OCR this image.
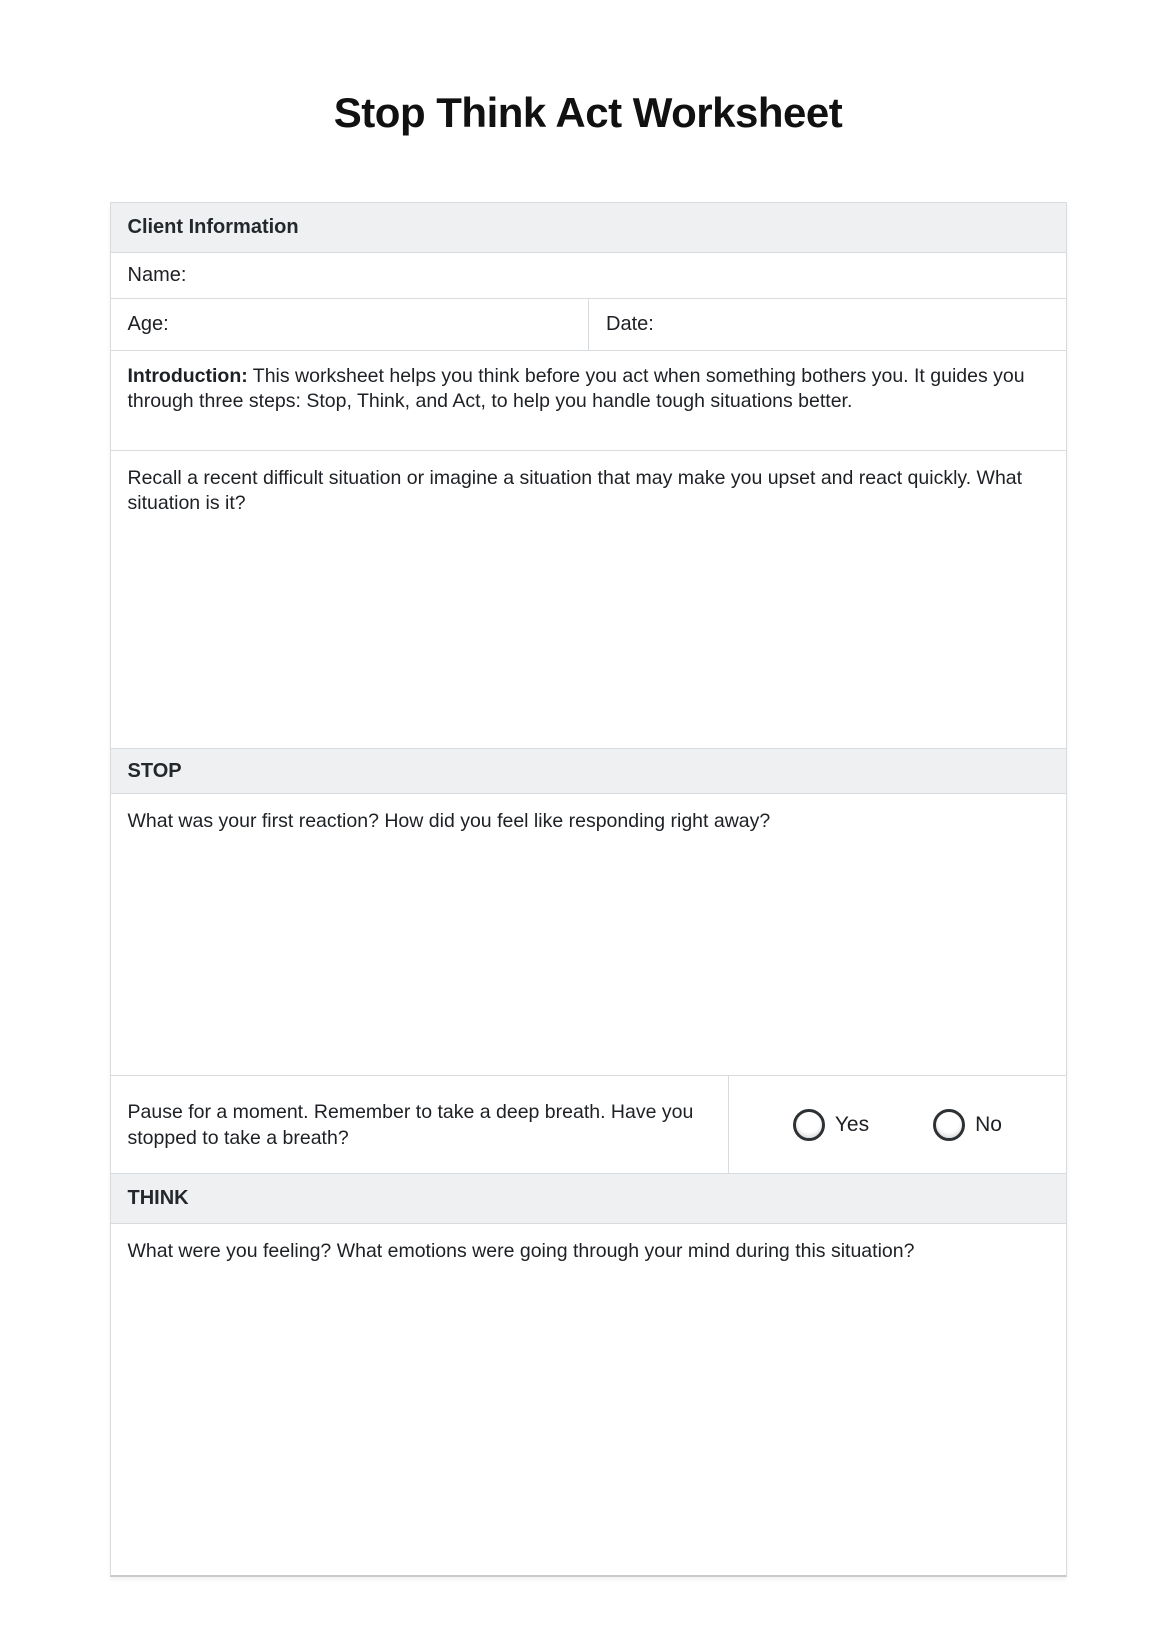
Stop Think Act Worksheet
Client Information
Name:
Age:	Date:

Introduction: This worksheet helps you think before you act when something bothers you. It guides you through three steps: Stop, Think, and Act, to help you handle tough situations better.

Recall a recent difficult situation or imagine a situation that may make you upset and react quickly. What situation is it?

STOP

What was your first reaction? How did you feel like responding right away?

Pause for a moment. Remember to take a deep breath. Have you stopped to take a breath?

Yes	No
THINK

What were you feeling? What emotions were going through your mind during this situation?
